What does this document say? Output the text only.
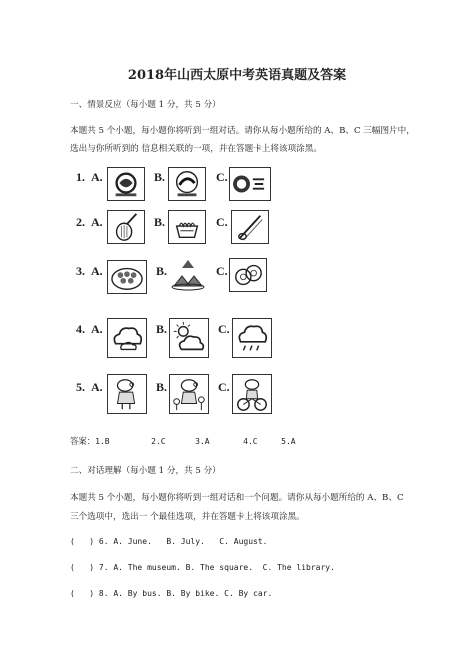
2018年山西太原中考英语真题及答案
一、情景反应（每小题 1 分，共 5 分）
本题共 5 个小题，每小题你将听到一组对话。请你从每小题所给的 A、B、C 三幅图片中，
选出与你所听到的 信息相关联的一项，并在答题卡上将该项涂黑。
1. A.	B.	C.
2. A.	B.	C.
3. A.	B.	C.
4. A.	B.	C.
5. A.	B.	C.
答案：1.B	2.C	3.A	4.C	5.A
二、对话理解（每小题 1 分，共 5 分）
本题共 5 个小题，每小题你将听到一组对话和一个问题。请你从每小题所给的 A、B、C
三个选项中，选出一 个最佳选项，并在答题卡上将该项涂黑。
(   ) 6. A. June.   B. July.   C. August.
(   ) 7. A. The museum. B. The square.  C. The library.
(   ) 8. A. By bus. B. By bike. C. By car.
